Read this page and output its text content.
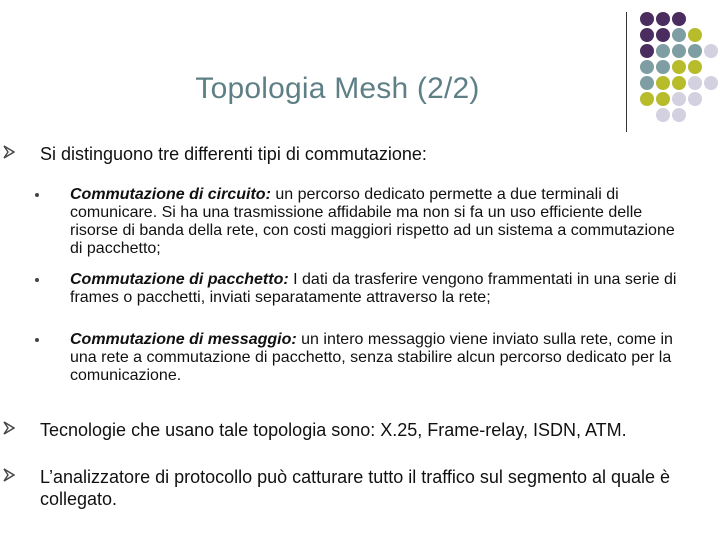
Topologia Mesh (2/2)
Si distinguono tre differenti tipi di commutazione:
Commutazione di circuito: un percorso dedicato permette a due terminali di comunicare. Si ha una trasmissione affidabile ma non si fa un uso efficiente delle risorse di banda della rete, con costi maggiori rispetto ad un sistema a commutazione di pacchetto;
Commutazione di pacchetto: I dati da trasferire vengono frammentati in una serie di frames o pacchetti, inviati separatamente attraverso la rete;
Commutazione di messaggio: un intero messaggio viene inviato sulla rete, come in una rete a commutazione di pacchetto, senza stabilire alcun percorso dedicato per la comunicazione.
Tecnologie che usano tale topologia sono: X.25, Frame-relay, ISDN, ATM.
L’analizzatore di protocollo può catturare tutto il traffico sul segmento al quale è collegato.
